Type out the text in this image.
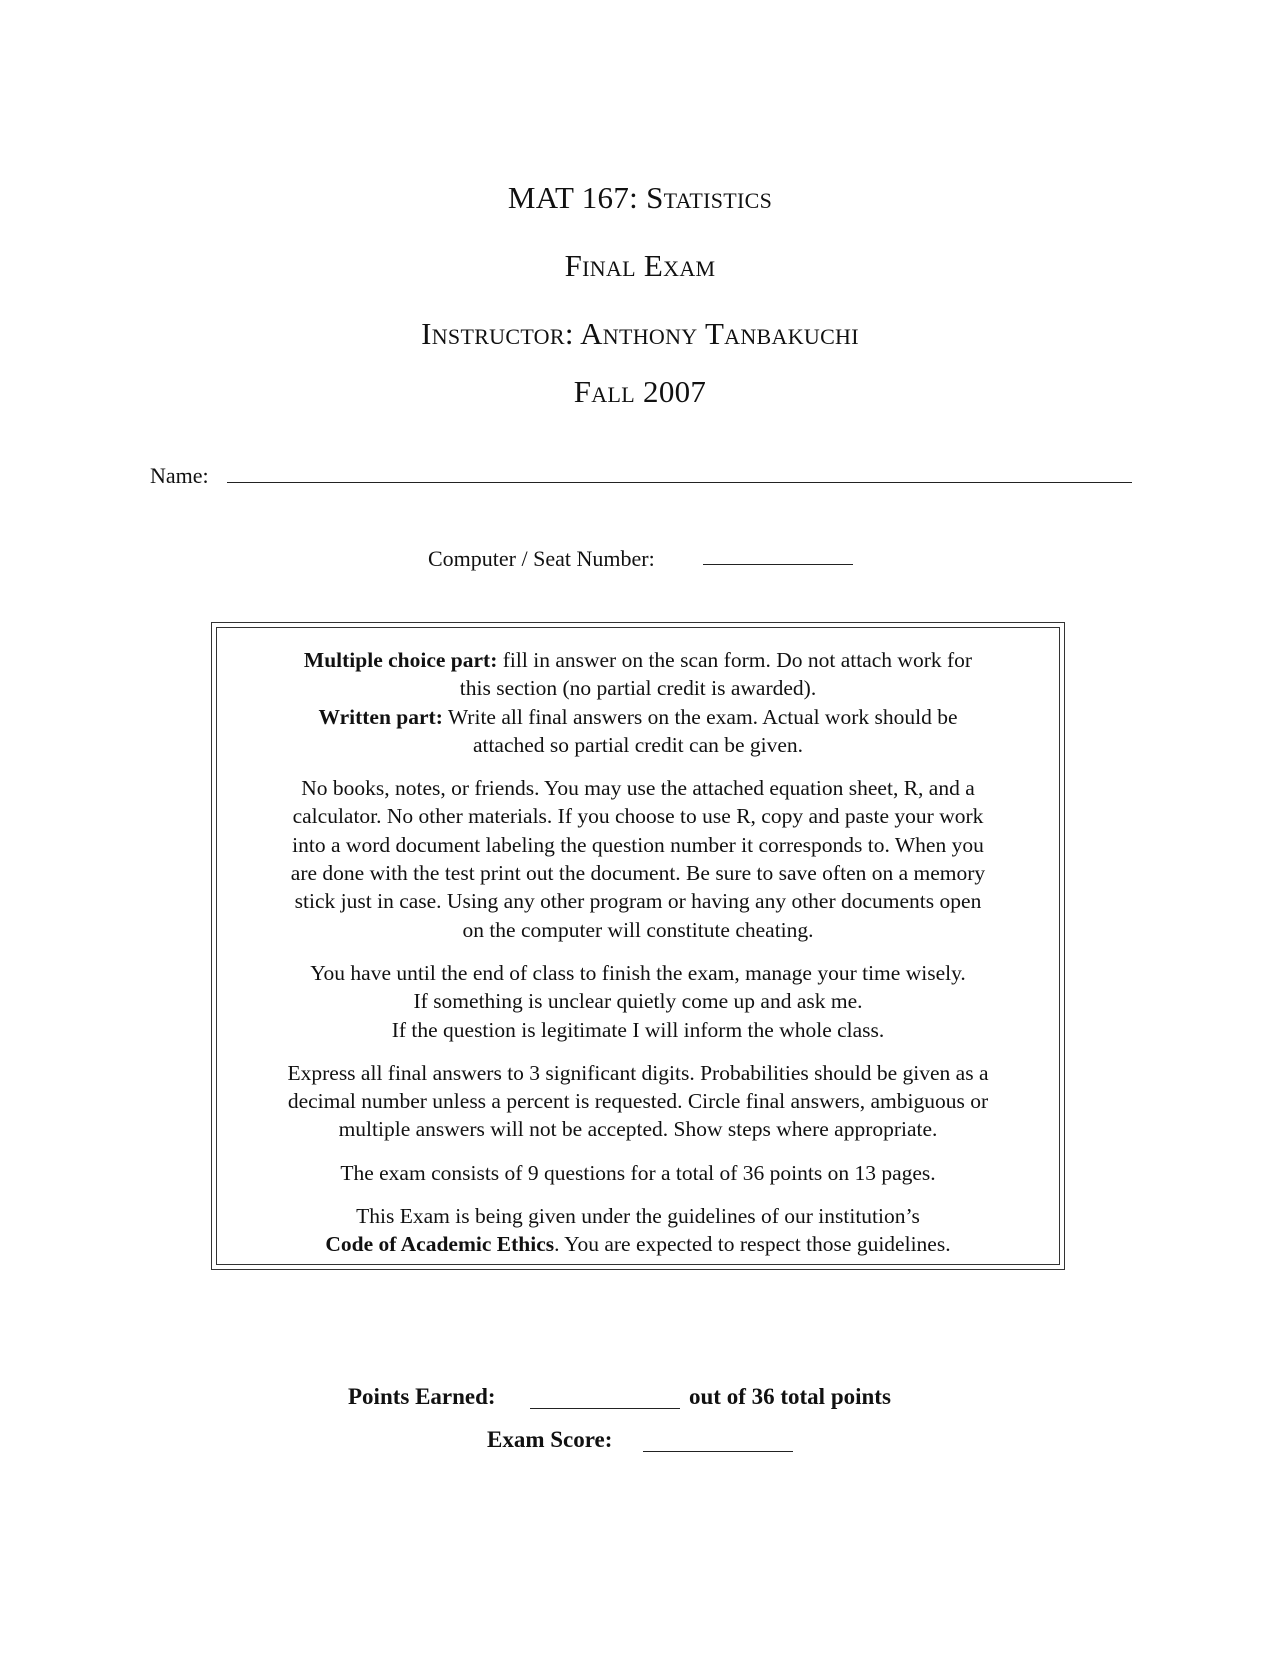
MAT 167: Statistics
Final Exam
Instructor: Anthony Tanbakuchi
Fall 2007
Name:
Computer / Seat Number:
Multiple choice part: fill in answer on the scan form. Do not attach work for
this section (no partial credit is awarded).
Written part: Write all final answers on the exam. Actual work should be
attached so partial credit can be given.
No books, notes, or friends. You may use the attached equation sheet, R, and a
calculator. No other materials. If you choose to use R, copy and paste your work
into a word document labeling the question number it corresponds to. When you
are done with the test print out the document. Be sure to save often on a memory
stick just in case. Using any other program or having any other documents open
on the computer will constitute cheating.
You have until the end of class to finish the exam, manage your time wisely.
If something is unclear quietly come up and ask me.
If the question is legitimate I will inform the whole class.
Express all final answers to 3 significant digits. Probabilities should be given as a
decimal number unless a percent is requested. Circle final answers, ambiguous or
multiple answers will not be accepted. Show steps where appropriate.
The exam consists of 9 questions for a total of 36 points on 13 pages.
This Exam is being given under the guidelines of our institution’s
Code of Academic Ethics. You are expected to respect those guidelines.
Points Earned:	out of 36 total points
Exam Score:
